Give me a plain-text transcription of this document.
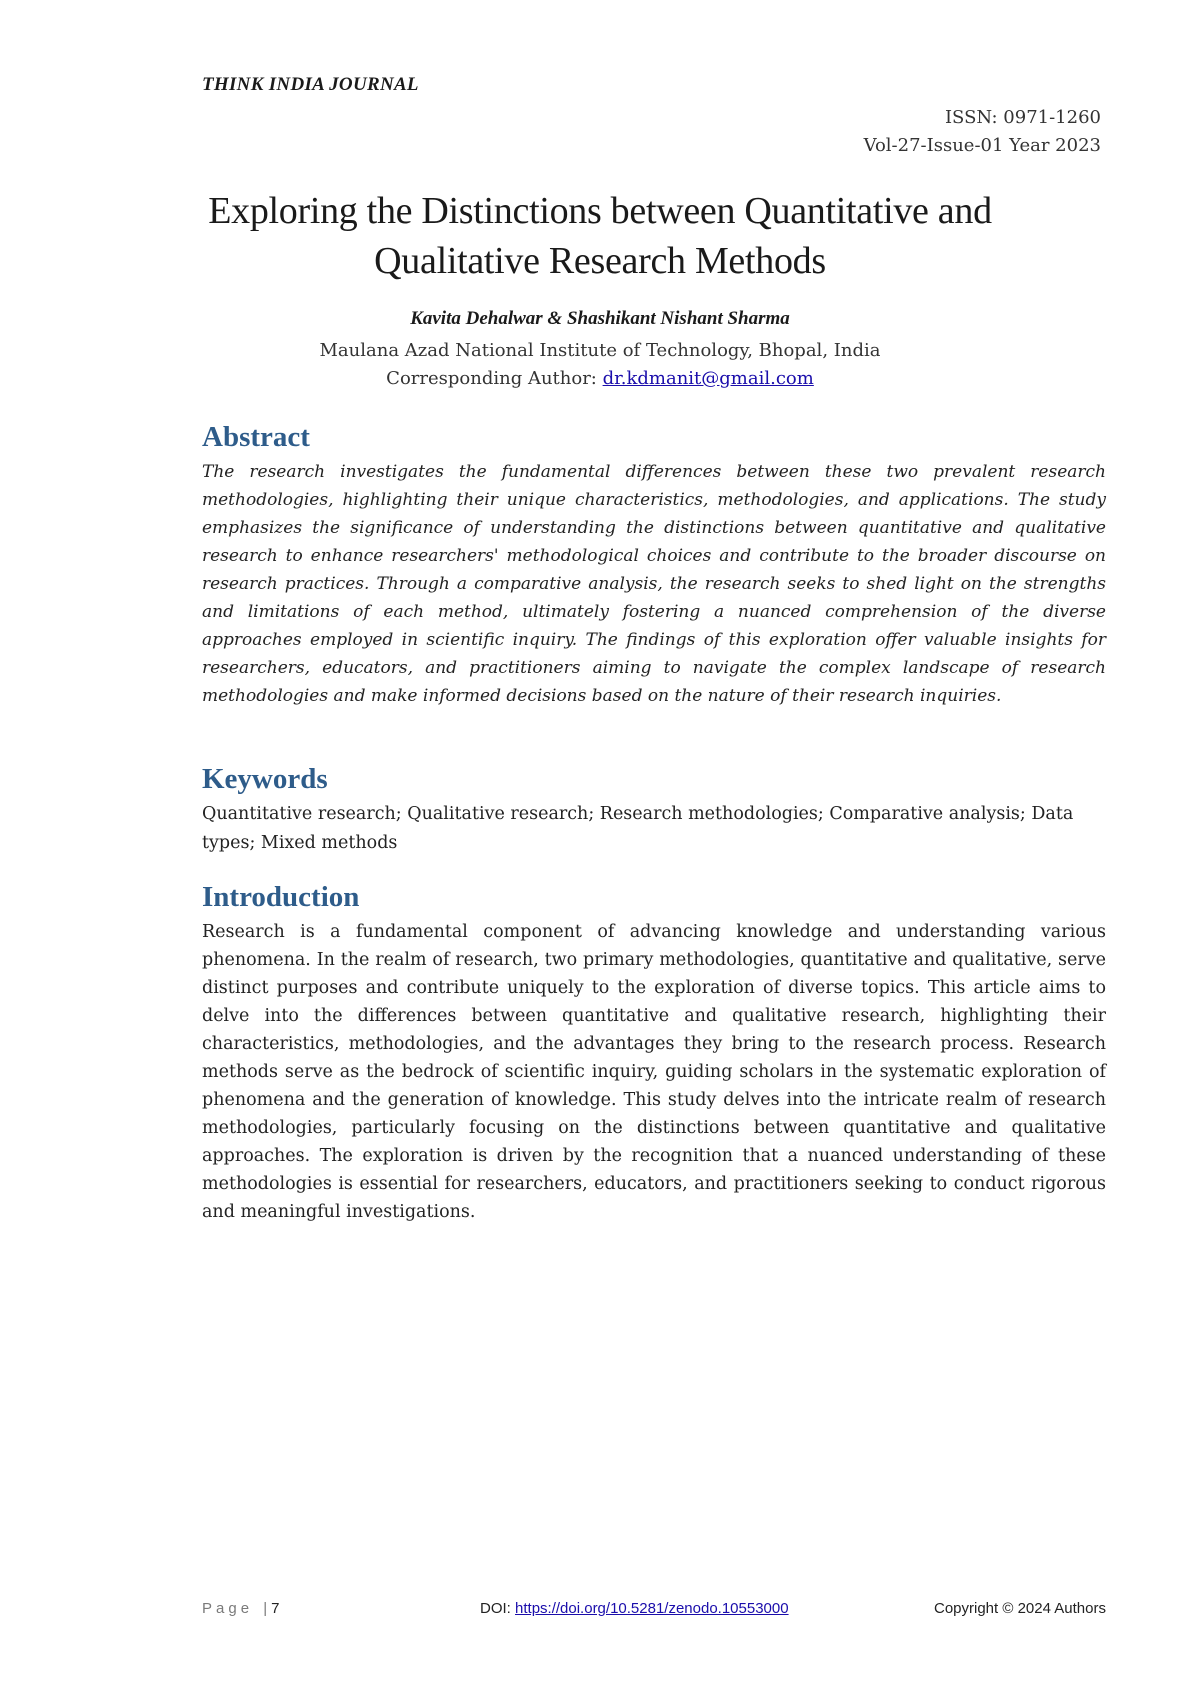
THINK INDIA JOURNAL
ISSN: 0971-1260
Vol-27-Issue-01 Year 2023
Exploring the Distinctions between Quantitative and
Qualitative Research Methods
Kavita Dehalwar & Shashikant Nishant Sharma
Maulana Azad National Institute of Technology, Bhopal, India
Corresponding Author: dr.kdmanit@gmail.com
Abstract

The research investigates the fundamental differences between these two prevalent research methodologies, highlighting their unique characteristics, methodologies, and applications. The study emphasizes the significance of understanding the distinctions between quantitative and qualitative research to enhance researchers' methodological choices and contribute to the broader discourse on research practices. Through a comparative analysis, the research seeks to shed light on the strengths and limitations of each method, ultimately fostering a nuanced comprehension of the diverse approaches employed in scientific inquiry. The findings of this exploration offer valuable insights for researchers, educators, and practitioners aiming to navigate the complex landscape of research methodologies and make informed decisions based on the nature of their research inquiries.

Keywords

Quantitative research; Qualitative research; Research methodologies; Comparative analysis; Data types; Mixed methods

Introduction

Research is a fundamental component of advancing knowledge and understanding various phenomena. In the realm of research, two primary methodologies, quantitative and qualitative, serve distinct purposes and contribute uniquely to the exploration of diverse topics. This article aims to delve into the differences between quantitative and qualitative research, highlighting their characteristics, methodologies, and the advantages they bring to the research process. Research methods serve as the bedrock of scientific inquiry, guiding scholars in the systematic exploration of phenomena and the generation of knowledge. This study delves into the intricate realm of research methodologies, particularly focusing on the distinctions between quantitative and qualitative approaches. The exploration is driven by the recognition that a nuanced understanding of these methodologies is essential for researchers, educators, and practitioners seeking to conduct rigorous and meaningful investigations.

Page | 7	DOI: https://doi.org/10.5281/zenodo.10553000	Copyright © 2024 Authors
